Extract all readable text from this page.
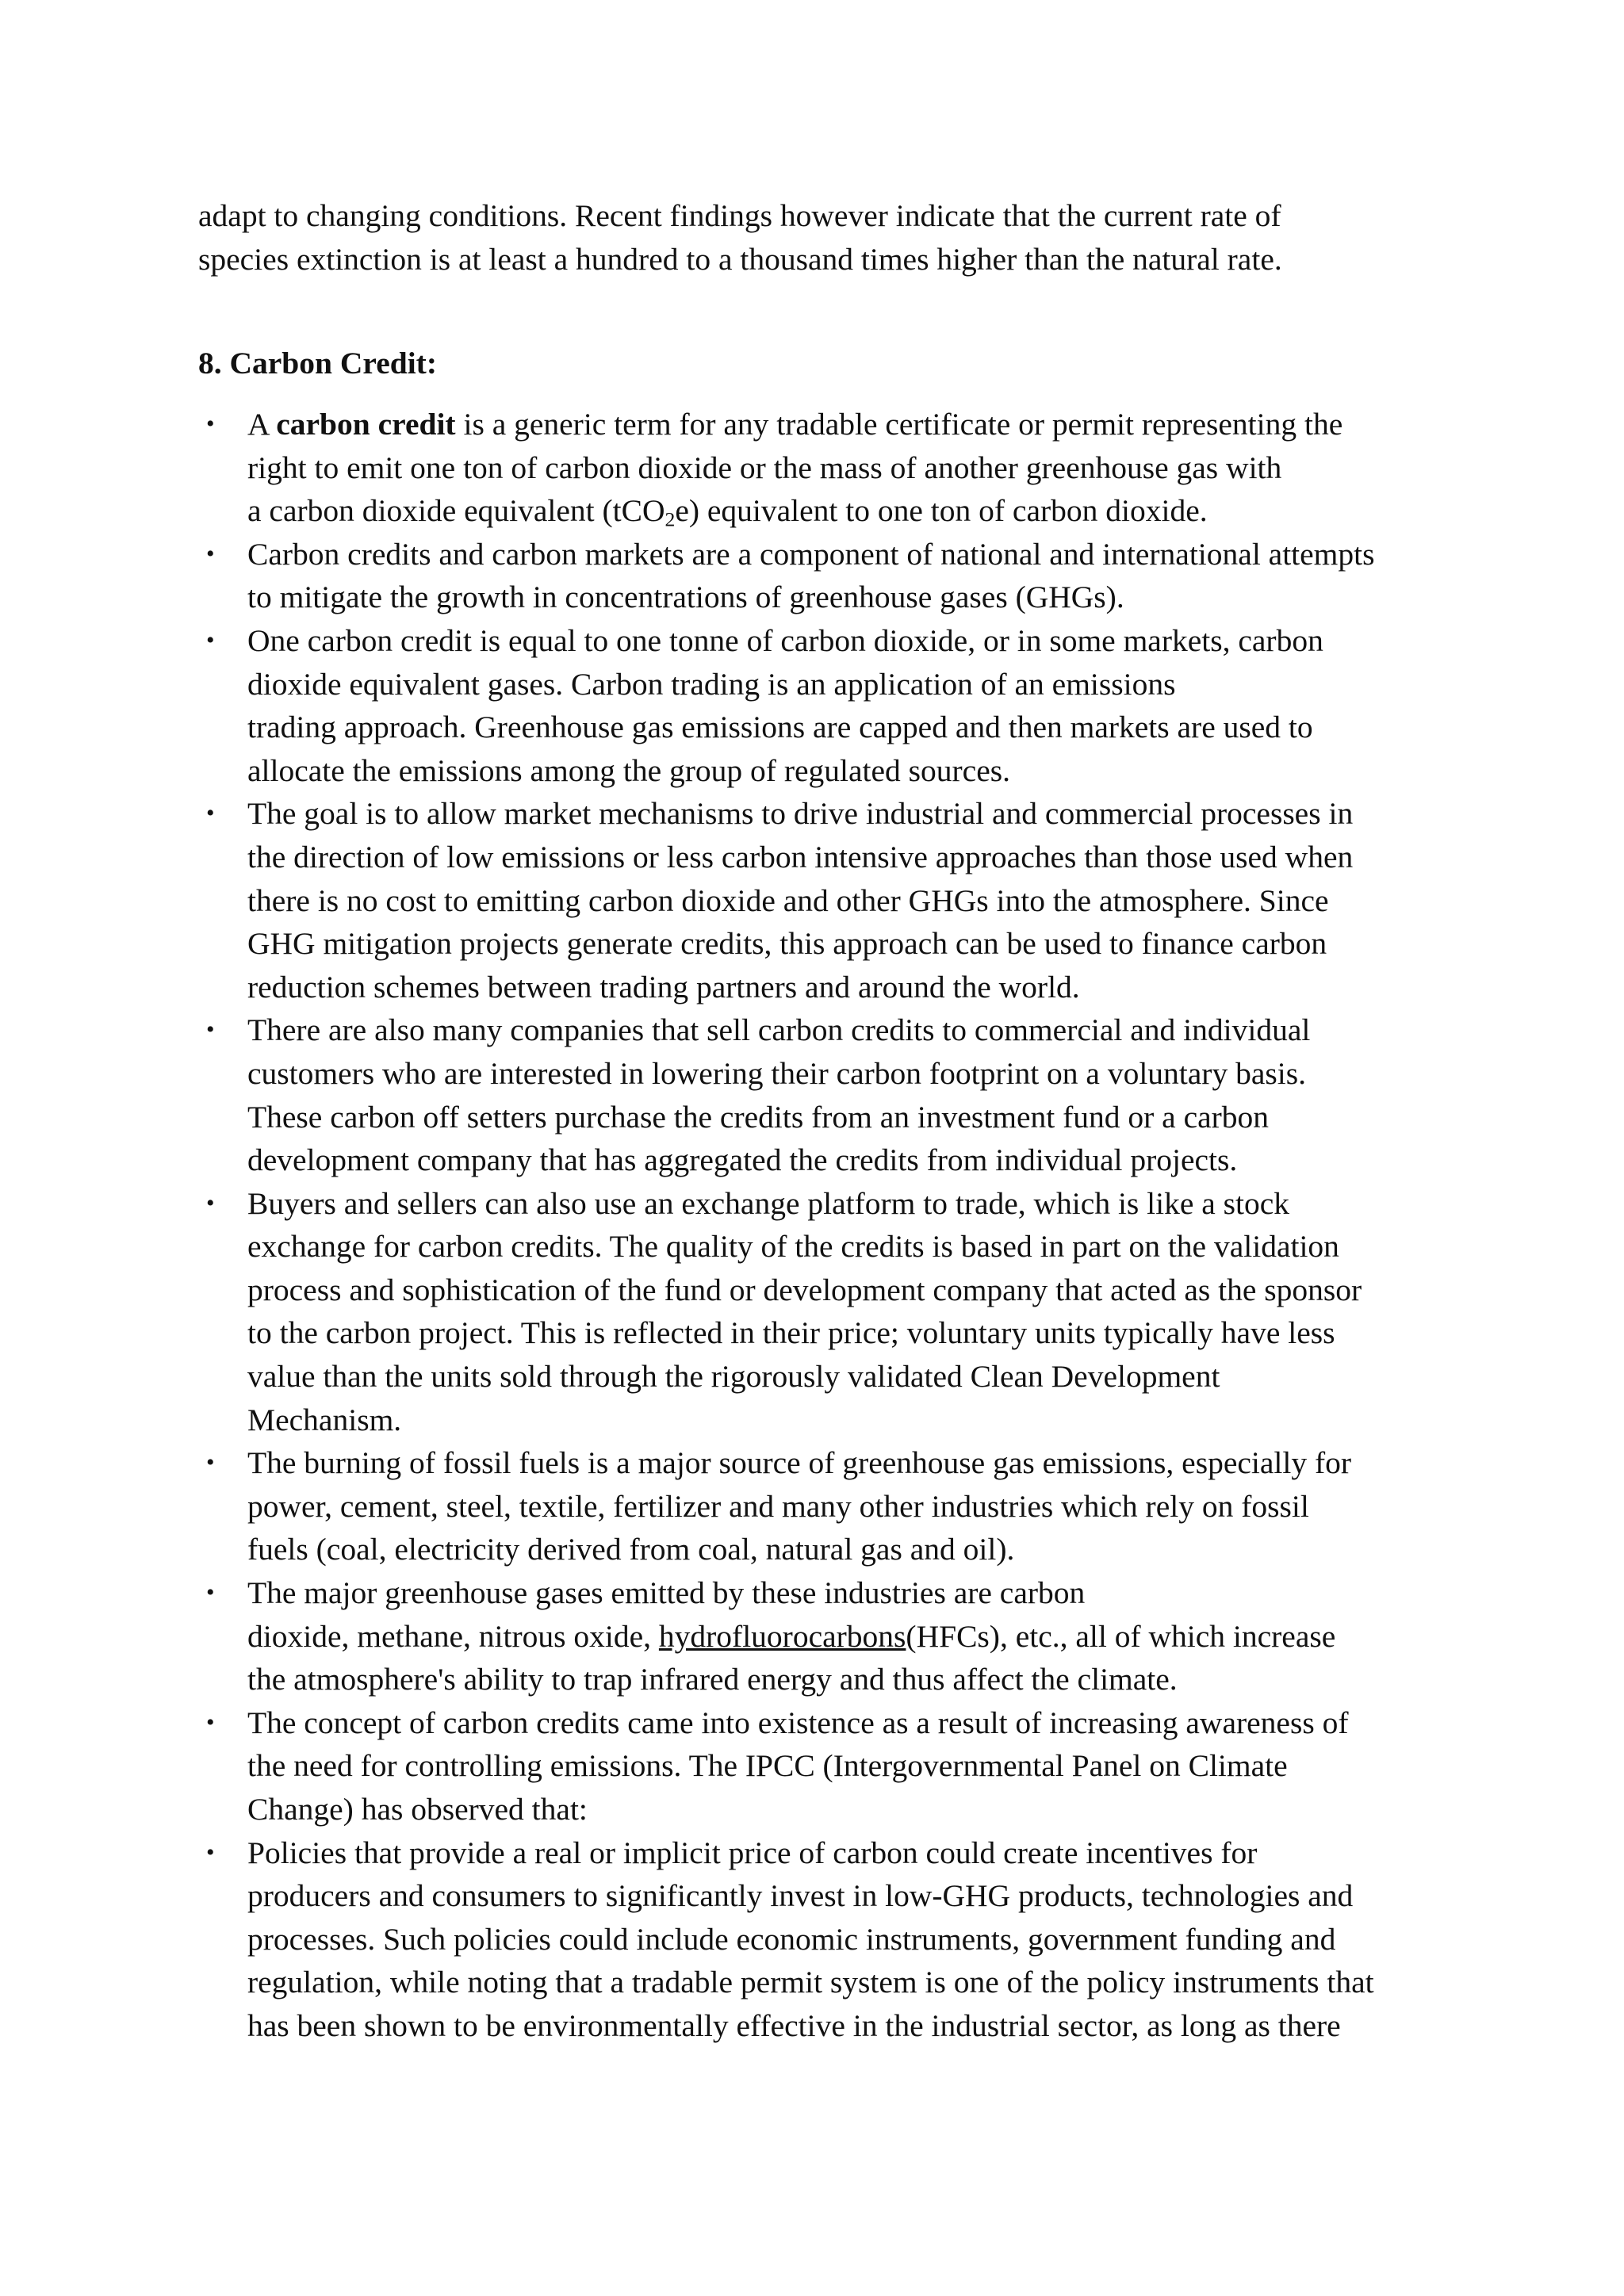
adapt to changing conditions. Recent findings however indicate that the current rate of
species extinction is at least a hundred to a thousand times higher than the natural rate.

8. Carbon Credit:
• A carbon credit is a generic term for any tradable certificate or permit representing the
right to emit one ton of carbon dioxide or the mass of another greenhouse gas with
a carbon dioxide equivalent (tCO$_2$e) equivalent to one ton of carbon dioxide.
• Carbon credits and carbon markets are a component of national and international attempts
to mitigate the growth in concentrations of greenhouse gases (GHGs).
• One carbon credit is equal to one tonne of carbon dioxide, or in some markets, carbon
dioxide equivalent gases. Carbon trading is an application of an emissions
trading approach. Greenhouse gas emissions are capped and then markets are used to
allocate the emissions among the group of regulated sources.
• The goal is to allow market mechanisms to drive industrial and commercial processes in
the direction of low emissions or less carbon intensive approaches than those used when
there is no cost to emitting carbon dioxide and other GHGs into the atmosphere. Since
GHG mitigation projects generate credits, this approach can be used to finance carbon
reduction schemes between trading partners and around the world.
• There are also many companies that sell carbon credits to commercial and individual
customers who are interested in lowering their carbon footprint on a voluntary basis.
These carbon off setters purchase the credits from an investment fund or a carbon
development company that has aggregated the credits from individual projects.
• Buyers and sellers can also use an exchange platform to trade, which is like a stock
exchange for carbon credits. The quality of the credits is based in part on the validation
process and sophistication of the fund or development company that acted as the sponsor
to the carbon project. This is reflected in their price; voluntary units typically have less
value than the units sold through the rigorously validated Clean Development
Mechanism.
• The burning of fossil fuels is a major source of greenhouse gas emissions, especially for
power, cement, steel, textile, fertilizer and many other industries which rely on fossil
fuels (coal, electricity derived from coal, natural gas and oil).
• The major greenhouse gases emitted by these industries are carbon
dioxide, methane, nitrous oxide, hydrofluorocarbons(HFCs), etc., all of which increase
the atmosphere's ability to trap infrared energy and thus affect the climate.
• The concept of carbon credits came into existence as a result of increasing awareness of
the need for controlling emissions. The IPCC (Intergovernmental Panel on Climate
Change) has observed that:
• Policies that provide a real or implicit price of carbon could create incentives for
producers and consumers to significantly invest in low-GHG products, technologies and
processes. Such policies could include economic instruments, government funding and
regulation, while noting that a tradable permit system is one of the policy instruments that
has been shown to be environmentally effective in the industrial sector, as long as there
